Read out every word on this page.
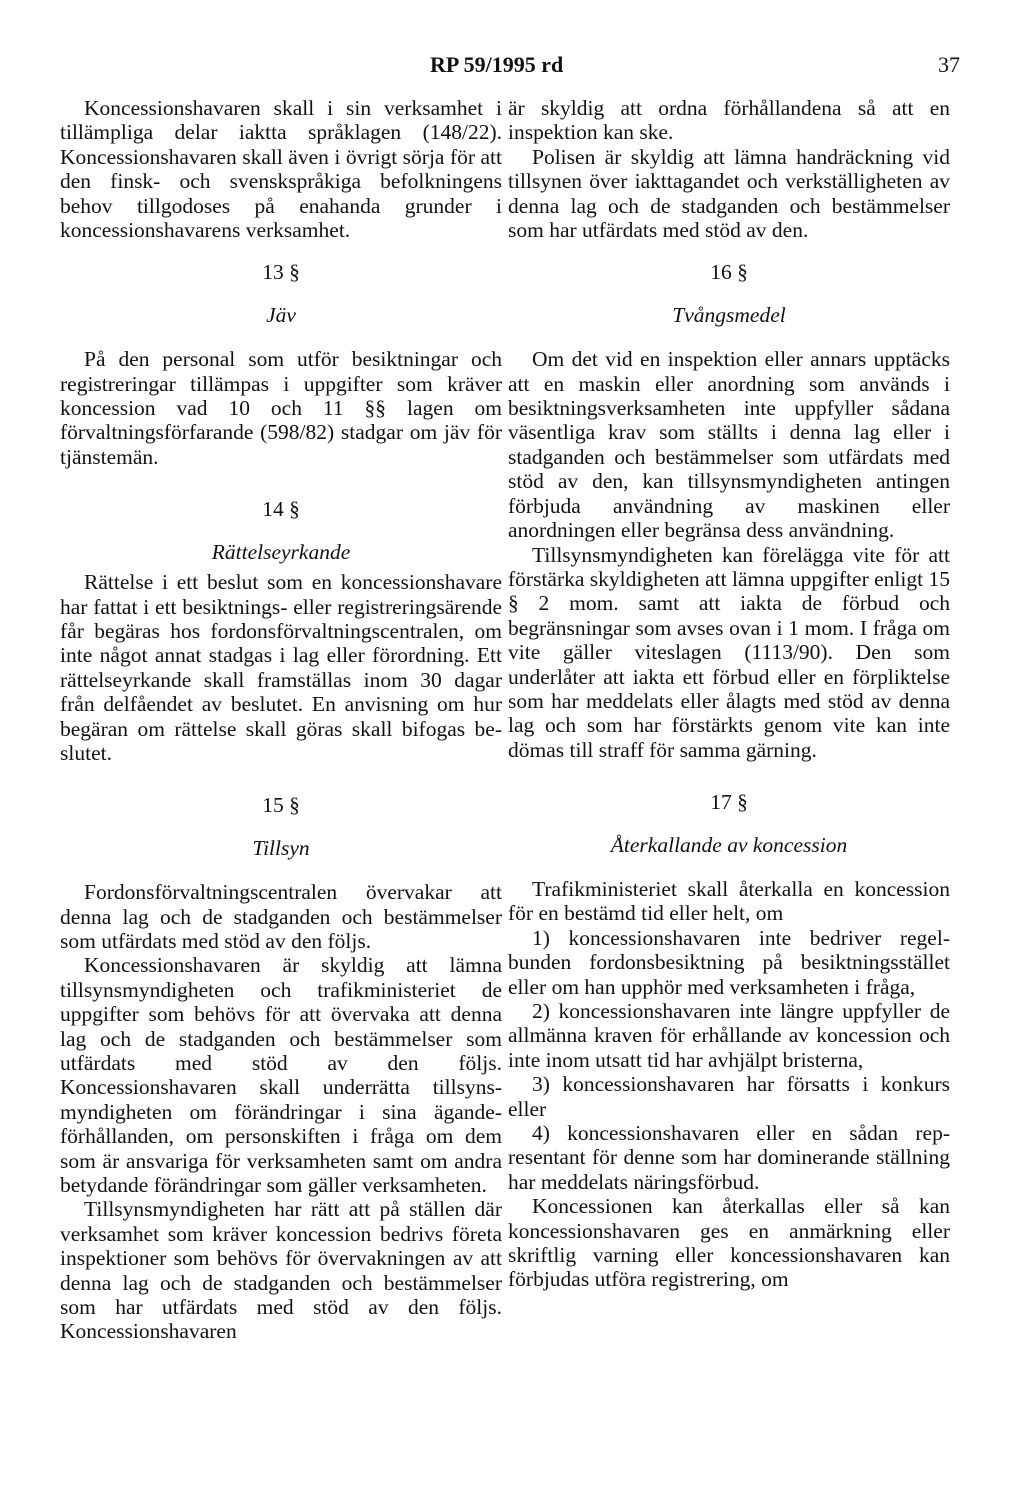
RP 59/1995 rd	37

Koncessionshavaren skall i sin verksamhet i tillämpliga delar iaktta språklagen (148/22). Koncessionshavaren skall även i övrigt sörja för att den finsk- och svenskspråkiga befolkningens behov tillgodoses på enahanda grunder i koncessionshavarens verksamhet.

13 §
Jäv

På den personal som utför besiktningar och registreringar tillämpas i uppgifter som kräver koncession vad 10 och 11 §§ lagen om förvaltningsförfarande (598/82) stadgar om jäv för tjänstemän.

14 §
Rättelseyrkande

Rättelse i ett beslut som en koncessionshavare har fattat i ett besiktnings- eller registreringsärende får begäras hos fordonsförvaltningscentralen, om inte något annat stadgas i lag eller förordning. Ett rättelseyrkande skall framställas inom 30 dagar från delfåendet av beslutet. En anvisning om hur begäran om rättelse skall göras skall bifogas beslutet.

15 §
Tillsyn

Fordonsförvaltningscentralen övervakar att denna lag och de stadganden och bestämmelser som utfärdats med stöd av den följs.

Koncessionshavaren är skyldig att lämna tillsynsmyndigheten och trafikministeriet de uppgifter som behövs för att övervaka att denna lag och de stadganden och bestämmelser som utfärdats med stöd av den följs. Koncessionshavaren skall underrätta tillsynsmyndigheten om förändringar i sina ägandeförhållanden, om personskiften i fråga om dem som är ansvariga för verksamheten samt om andra betydande förändringar som gäller verksamheten.

Tillsynsmyndigheten har rätt att på ställen där verksamhet som kräver koncession bedrivs företa inspektioner som behövs för övervakningen av att denna lag och de stadganden och bestämmelser som har utfärdats med stöd av den följs. Koncessionshavaren

är skyldig att ordna förhållandena så att en inspektion kan ske.

Polisen är skyldig att lämna handräckning vid tillsynen över iakttagandet och verkställigheten av denna lag och de stadganden och bestämmelser som har utfärdats med stöd av den.

16 §
Tvångsmedel

Om det vid en inspektion eller annars upptäcks att en maskin eller anordning som används i besiktningsverksamheten inte uppfyller sådana väsentliga krav som ställts i denna lag eller i stadganden och bestämmelser som utfärdats med stöd av den, kan tillsynsmyndigheten antingen förbjuda användning av maskinen eller anordningen eller begränsa dess användning.

Tillsynsmyndigheten kan förelägga vite för att förstärka skyldigheten att lämna uppgifter enligt 15 § 2 mom. samt att iakta de förbud och begränsningar som avses ovan i 1 mom. I fråga om vite gäller viteslagen (1113/90). Den som underlåter att iakta ett förbud eller en förpliktelse som har meddelats eller ålagts med stöd av denna lag och som har förstärkts genom vite kan inte dömas till straff för samma gärning.

17 §
Återkallande av koncession

Trafikministeriet skall återkalla en koncession för en bestämd tid eller helt, om

1) koncessionshavaren inte bedriver regelbunden fordonsbesiktning på besiktningsstället eller om han upphör med verksamheten i fråga,

2) koncessionshavaren inte längre uppfyller de allmänna kraven för erhållande av koncession och inte inom utsatt tid har avhjälpt bristerna,

3) koncessionshavaren har försatts i konkurs eller

4) koncessionshavaren eller en sådan representant för denne som har dominerande ställning har meddelats näringsförbud.

Koncessionen kan återkallas eller så kan koncessionshavaren ges en anmärkning eller skriftlig varning eller koncessionshavaren kan förbjudas utföra registrering, om
